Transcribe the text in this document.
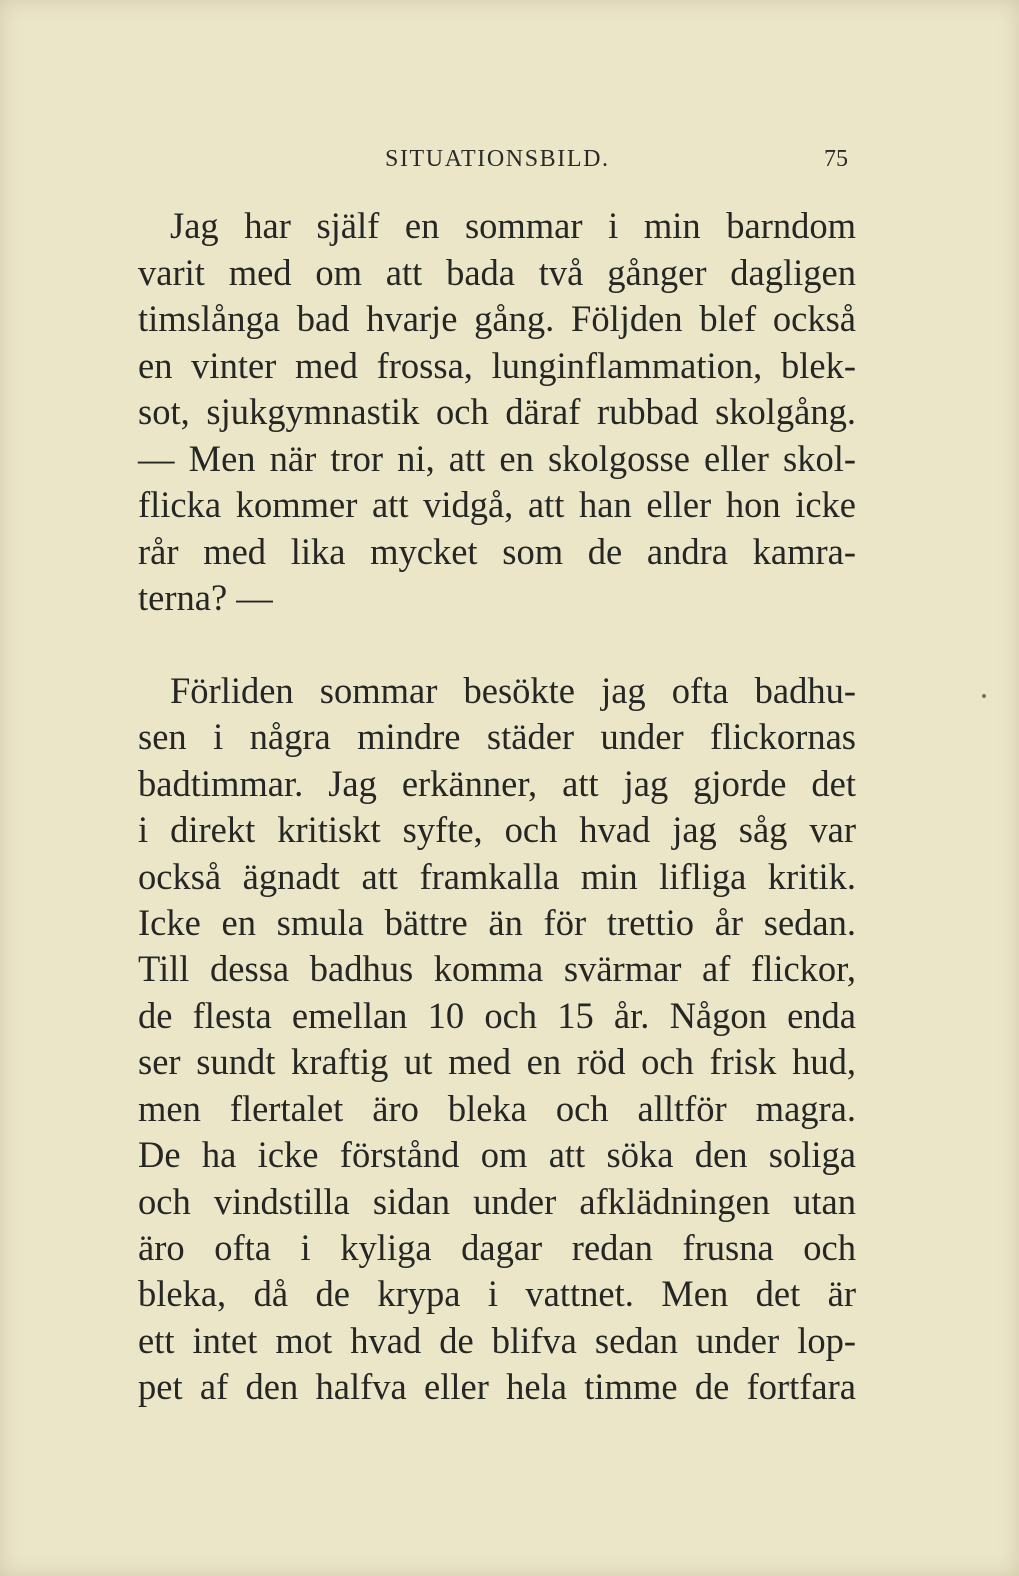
SITUATIONSBILD.	75
Jag har själf en sommar i min barndom
varit med om att bada två gånger dagligen
timslånga bad hvarje gång. Följden blef också
en vinter med frossa, lunginflammation, blek-
sot, sjukgymnastik och däraf rubbad skolgång.
— Men när tror ni, att en skolgosse eller skol-
flicka kommer att vidgå, att han eller hon icke
rår med lika mycket som de andra kamra-
terna? —
Förliden sommar besökte jag ofta badhu-
sen i några mindre städer under flickornas
badtimmar. Jag erkänner, att jag gjorde det
i direkt kritiskt syfte, och hvad jag såg var
också ägnadt att framkalla min lifliga kritik.
Icke en smula bättre än för trettio år sedan.
Till dessa badhus komma svärmar af flickor,
de flesta emellan 10 och 15 år. Någon enda
ser sundt kraftig ut med en röd och frisk hud,
men flertalet äro bleka och alltför magra.
De ha icke förstånd om att söka den soliga
och vindstilla sidan under afklädningen utan
äro ofta i kyliga dagar redan frusna och
bleka, då de krypa i vattnet. Men det är
ett intet mot hvad de blifva sedan under lop-
pet af den halfva eller hela timme de fortfara
